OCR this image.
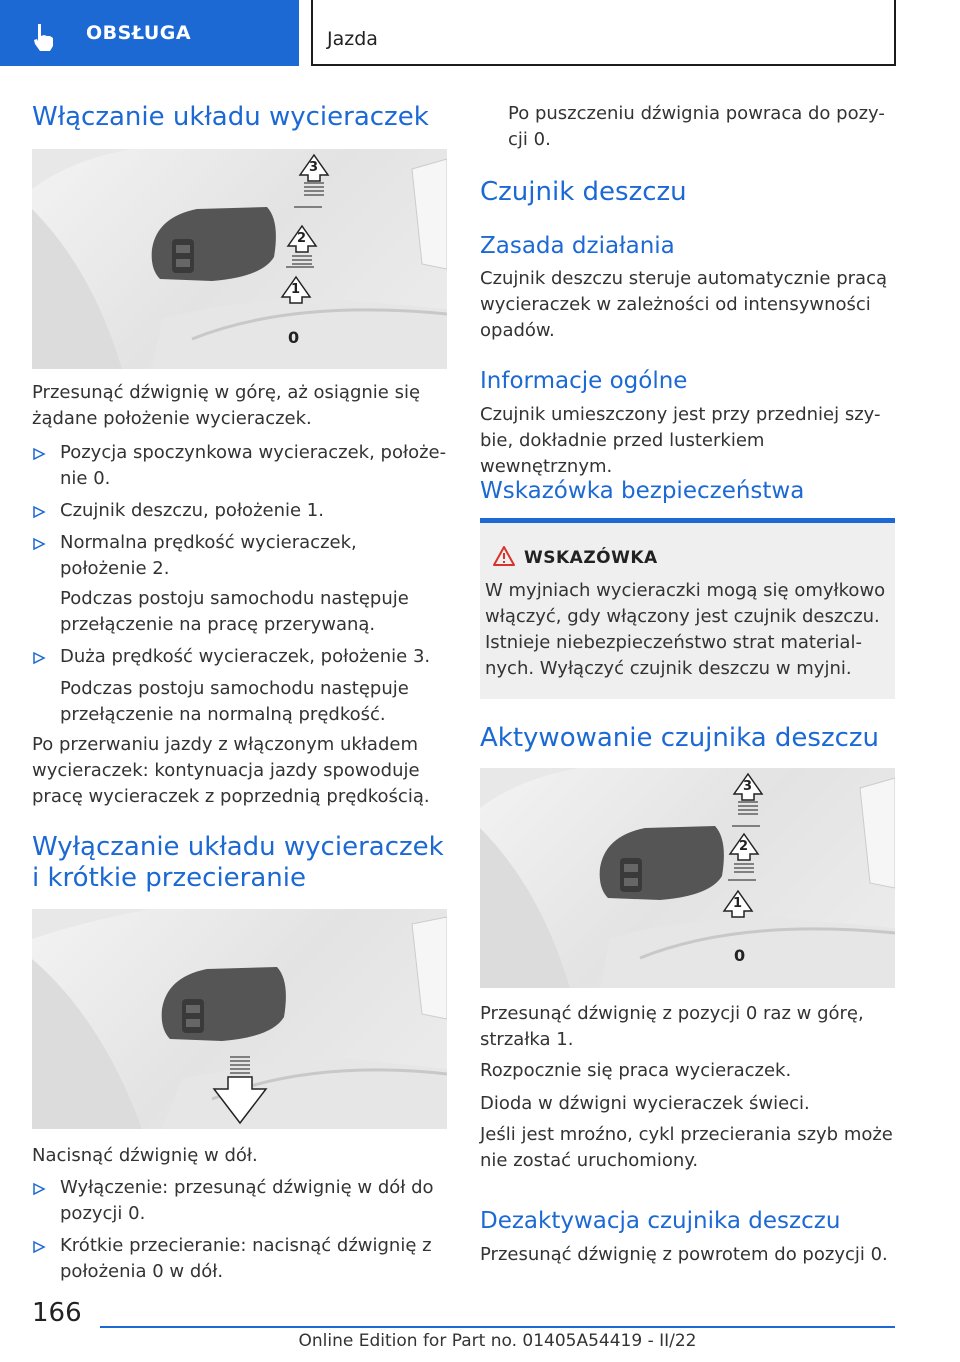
OBSŁUGA	Jazda
Włączanie układu wycieraczek
3
2
1
0
Przesunąć dźwignię w górę, aż osiągnie się żądane położenie wycieraczek.
Pozycja spoczynkowa wycieraczek, położe-nie 0.
Czujnik deszczu, położenie 1.
Normalna prędkość wycieraczek, położenie 2.
Podczas postoju samochodu następuje przełączenie na pracę przerywaną.
Duża prędkość wycieraczek, położenie 3.
Podczas postoju samochodu następuje przełączenie na normalną prędkość.
Po przerwaniu jazdy z włączonym układem wycieraczek: kontynuacja jazdy spowoduje pracę wycieraczek z poprzednią prędkością.
Wyłączanie układu wycieraczek
i krótkie przecieranie
Nacisnąć dźwignię w dół.
Wyłączenie: przesunąć dźwignię w dół do pozycji 0.
Krótkie przecieranie: nacisnąć dźwignię z położenia 0 w dół.
Po puszczeniu dźwignia powraca do pozy-cji 0.
Czujnik deszczu
Zasada działania
Czujnik deszczu steruje automatycznie pracą wycieraczek w zależności od intensywności opadów.
Informacje ogólne
Czujnik umieszczony jest przy przedniej szy-bie, dokładnie przed lusterkiem wewnętrznym.
Wskazówka bezpieczeństwa
WSKAZÓWKA
W myjniach wycieraczki mogą się omyłkowo włączyć, gdy włączony jest czujnik deszczu. Istnieje niebezpieczeństwo strat material-nych. Wyłączyć czujnik deszczu w myjni.
Aktywowanie czujnika deszczu
3
2
1
0
Przesunąć dźwignię z pozycji 0 raz w górę, strzałka 1.
Rozpocznie się praca wycieraczek.
Dioda w dźwigni wycieraczek świeci.
Jeśli jest mroźno, cykl przecierania szyb może nie zostać uruchomiony.
Dezaktywacja czujnika deszczu
Przesunąć dźwignię z powrotem do pozycji 0.
166
Online Edition for Part no. 01405A54419 - II/22
